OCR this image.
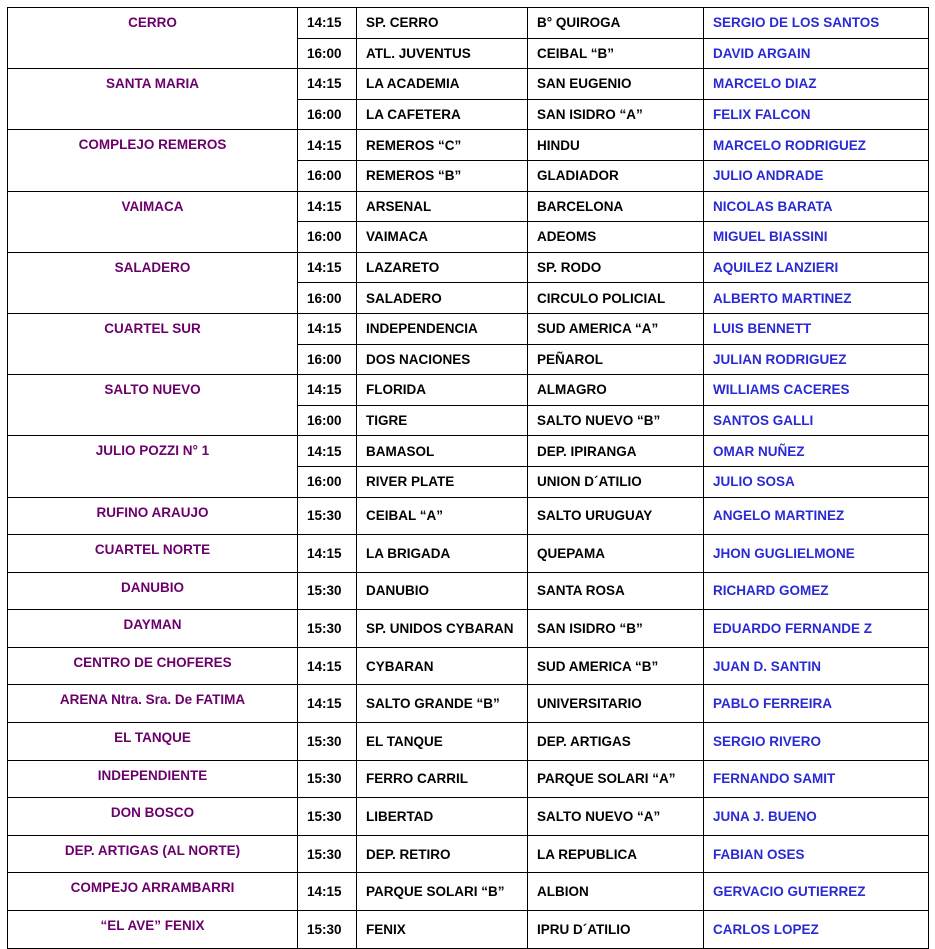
CERRO	14:15	SP. CERRO	B° QUIROGA	SERGIO DE LOS SANTOS
	16:00	ATL. JUVENTUS	CEIBAL “B”	DAVID ARGAIN
SANTA MARIA	14:15	LA ACADEMIA	SAN EUGENIO	MARCELO DIAZ
	16:00	LA CAFETERA	SAN ISIDRO “A”	FELIX FALCON
COMPLEJO REMEROS	14:15	REMEROS “C”	HINDU	MARCELO RODRIGUEZ
	16:00	REMEROS “B”	GLADIADOR	JULIO ANDRADE
VAIMACA	14:15	ARSENAL	BARCELONA	NICOLAS BARATA
	16:00	VAIMACA	ADEOMS	MIGUEL BIASSINI
SALADERO	14:15	LAZARETO	SP. RODO	AQUILEZ LANZIERI
	16:00	SALADERO	CIRCULO POLICIAL	ALBERTO MARTINEZ
CUARTEL SUR	14:15	INDEPENDENCIA	SUD AMERICA “A”	LUIS BENNETT
	16:00	DOS NACIONES	PEÑAROL	JULIAN RODRIGUEZ
SALTO NUEVO	14:15	FLORIDA	ALMAGRO	WILLIAMS CACERES
	16:00	TIGRE	SALTO NUEVO “B”	SANTOS GALLI
JULIO POZZI N° 1	14:15	BAMASOL	DEP. IPIRANGA	OMAR NUÑEZ
	16:00	RIVER PLATE	UNION D´ATILIO	JULIO SOSA
RUFINO ARAUJO	15:30	CEIBAL “A”	SALTO URUGUAY	ANGELO MARTINEZ
CUARTEL NORTE	14:15	LA BRIGADA	QUEPAMA	JHON GUGLIELMONE
DANUBIO	15:30	DANUBIO	SANTA ROSA	RICHARD GOMEZ
DAYMAN	15:30	SP. UNIDOS CYBARAN	SAN ISIDRO “B”	EDUARDO FERNANDE Z
CENTRO DE CHOFERES	14:15	CYBARAN	SUD AMERICA “B”	JUAN D. SANTIN
ARENA Ntra. Sra. De FATIMA	14:15	SALTO GRANDE “B”	UNIVERSITARIO	PABLO FERREIRA
EL TANQUE	15:30	EL TANQUE	DEP. ARTIGAS	SERGIO RIVERO
INDEPENDIENTE	15:30	FERRO CARRIL	PARQUE SOLARI “A”	FERNANDO SAMIT
DON BOSCO	15:30	LIBERTAD	SALTO NUEVO “A”	JUNA J. BUENO
DEP. ARTIGAS (AL NORTE)	15:30	DEP. RETIRO	LA REPUBLICA	FABIAN OSES
COMPEJO ARRAMBARRI	14:15	PARQUE SOLARI “B”	ALBION	GERVACIO GUTIERREZ
“EL AVE” FENIX	15:30	FENIX	IPRU D´ATILIO	CARLOS LOPEZ
